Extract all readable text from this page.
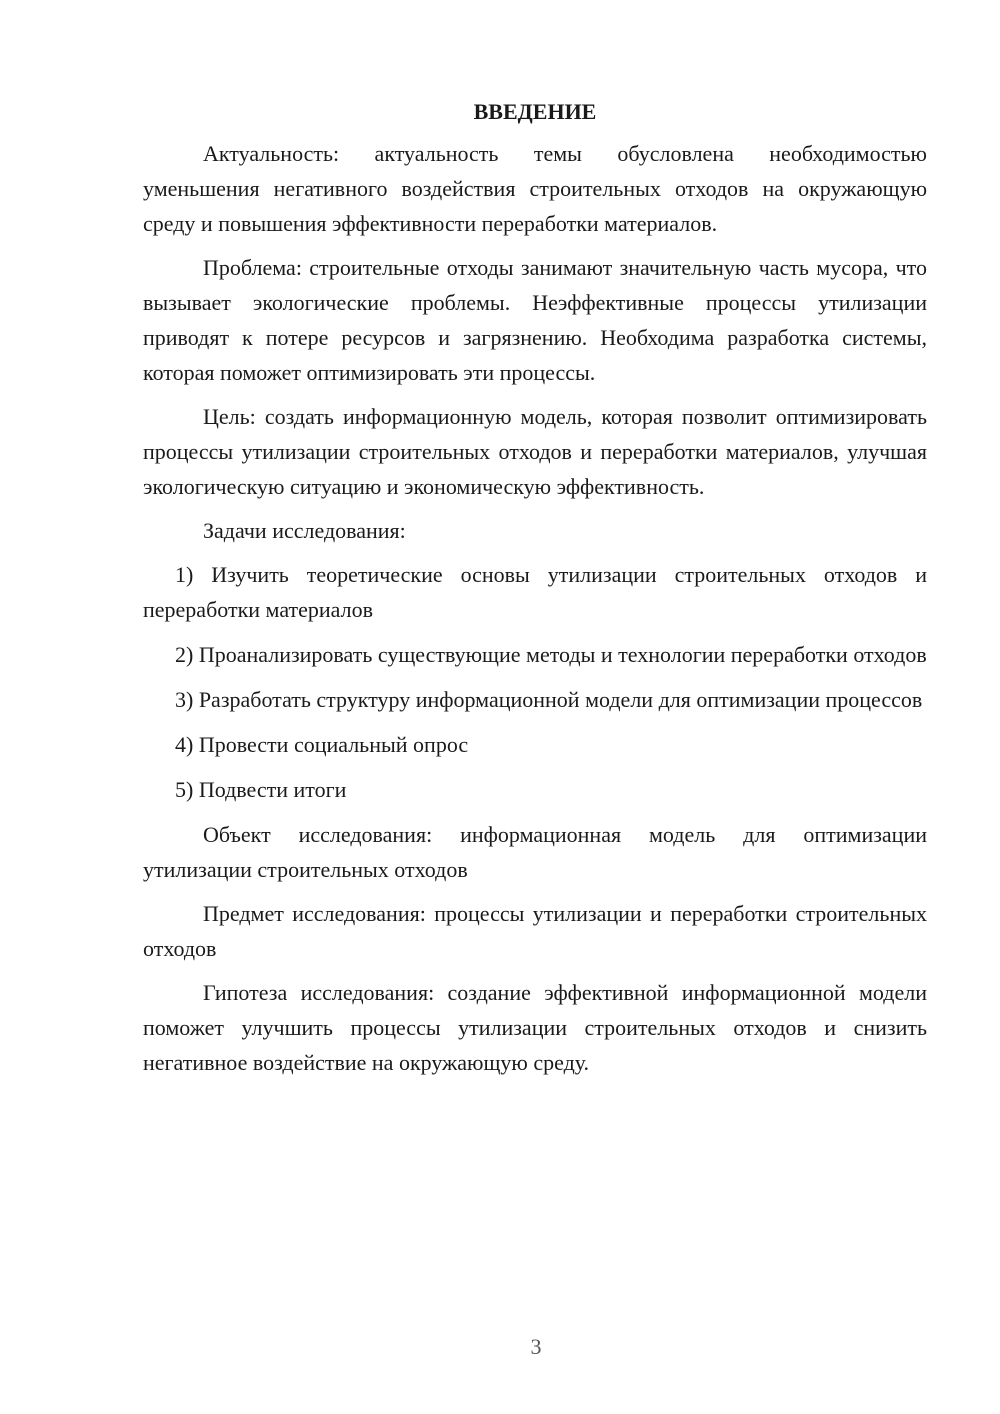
ВВЕДЕНИЕ

Актуальность: актуальность темы обусловлена необходимостью уменьшения негативного воздействия строительных отходов на окружающую среду и повышения эффективности переработки материалов.

Проблема: строительные отходы занимают значительную часть мусора, что вызывает экологические проблемы. Неэффективные процессы утилизации приводят к потере ресурсов и загрязнению. Необходима разработка системы, которая поможет оптимизировать эти процессы.

Цель: создать информационную модель, которая позволит оптимизировать процессы утилизации строительных отходов и переработки материалов, улучшая экологическую ситуацию и экономическую эффективность.

Задачи исследования:

1) Изучить теоретические основы утилизации строительных отходов и переработки материалов

2) Проанализировать существующие методы и технологии переработки отходов

3) Разработать структуру информационной модели для оптимизации процессов

4) Провести социальный опрос

5) Подвести итоги

Объект исследования: информационная модель для оптимизации утилизации строительных отходов

Предмет исследования: процессы утилизации и переработки строительных отходов

Гипотеза исследования: создание эффективной информационной модели поможет улучшить процессы утилизации строительных отходов и снизить негативное воздействие на окружающую среду.

3
